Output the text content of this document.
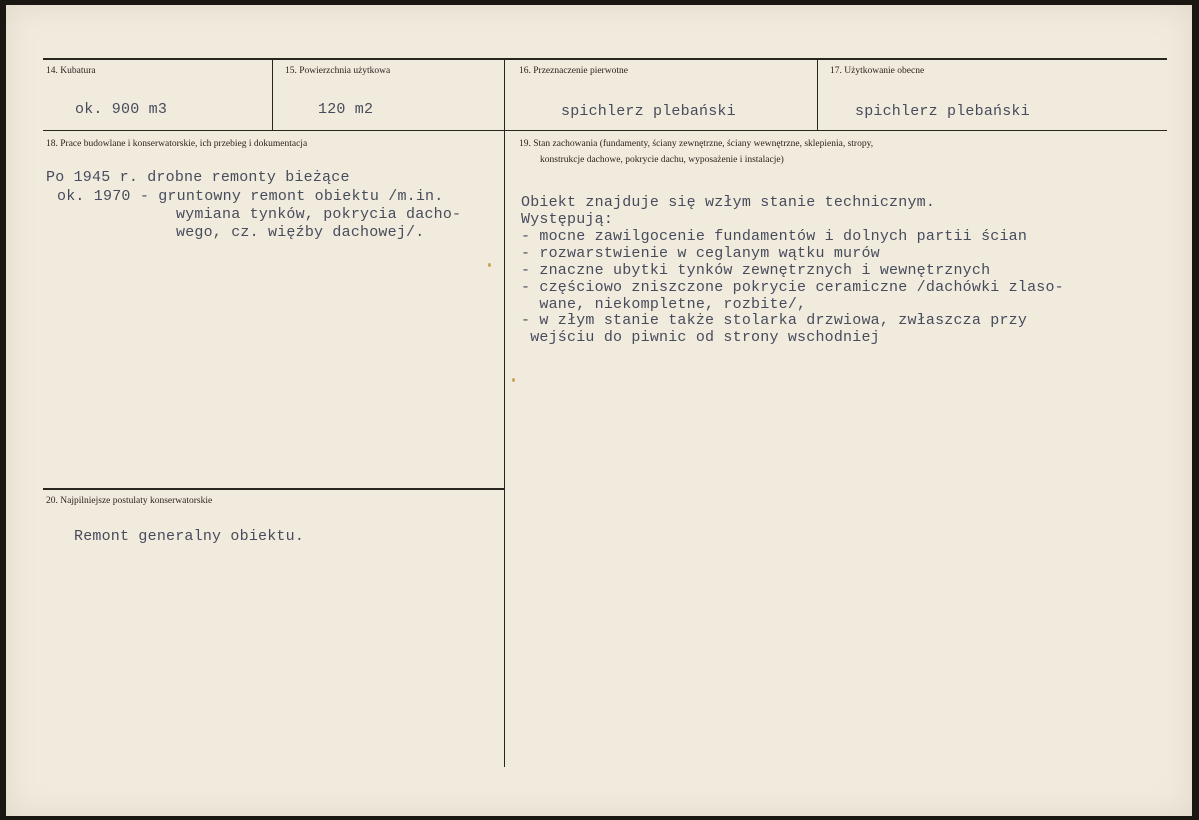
14. Kubatura
ok. 900 m3
15. Powierzchnia użytkowa
120 m2
16. Przeznaczenie pierwotne
spichlerz plebański
17. Użytkowanie obecne
spichlerz plebański
18. Prace budowlane i konserwatorskie, ich przebieg i dokumentacja
Po 1945 r. drobne remonty bieżące
ok. 1970 - gruntowny remont obiektu /m.in.
wymiana tynków, pokrycia dacho-
wego, cz. więźby dachowej/.
19. Stan zachowania (fundamenty, ściany zewnętrzne, ściany wewnętrzne, sklepienia, stropy,
konstrukcje dachowe, pokrycie dachu, wyposażenie i instalacje)
Obiekt znajduje się wzłym stanie technicznym.
Występują:
- mocne zawilgocenie fundamentów i dolnych partii ścian
- rozwarstwienie w ceglanym wątku murów
- znaczne ubytki tynków zewnętrznych i wewnętrznych
- częściowo zniszczone pokrycie ceramiczne /dachówki zlaso-
wane, niekompletne, rozbite/,
- w złym stanie także stolarka drzwiowa, zwłaszcza przy
wejściu do piwnic od strony wschodniej
20. Najpilniejsze postulaty konserwatorskie
Remont generalny obiektu.
